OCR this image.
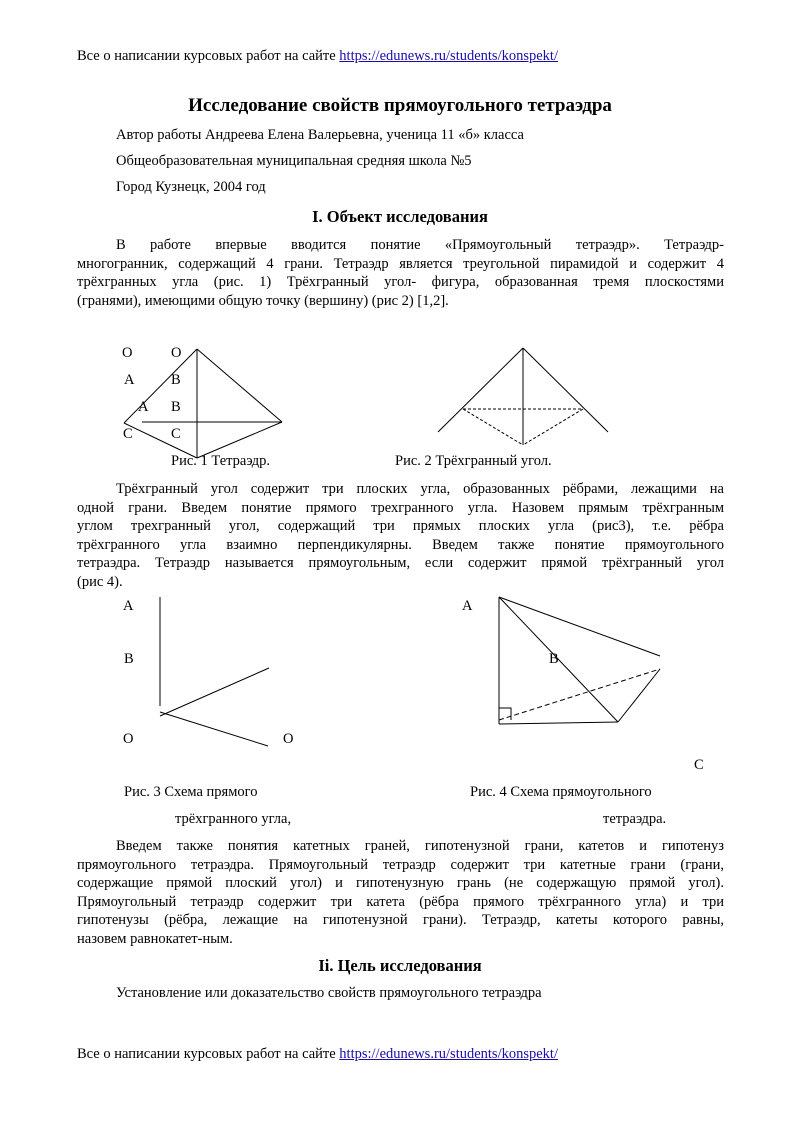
Все о написании курсовых работ на сайте https://edunews.ru/students/konspekt/
Исследование свойств прямоугольного тетраэдра
Автор работы Андреева Елена Валерьевна, ученица 11 «б» класса
Общеобразовательная муниципальная средняя школа №5
Город Кузнецк, 2004 год
I. Объект исследования
В работе впервые вводится понятие «Прямоугольный тетраэдр». Тетраэдр-
многогранник, содержащий 4 грани. Тетраэдр является треугольной пирамидой и содержит 4
трёхгранных угла (рис. 1) Трёхгранный угол- фигура, образованная тремя плоскостями
(гранями), имеющими общую точку (вершину) (рис 2) [1,2].
O	O
A	B
A B
C	C
Рис. 1 Тетраэдр.	Рис. 2 Трёхгранный угол.
Трёхгранный угол содержит три плоских угла, образованных рёбрами, лежащими на
одной грани. Введем понятие прямого трехгранного угла. Назовем прямым трёхгранным
углом трехгранный угол, содержащий три прямых плоских угла (рис3), т.е. рёбра
трёхгранного угла взаимно перпендикулярны. Введем также понятие прямоугольного
тетраэдра. Тетраэдр называется прямоугольным, если содержит прямой трёхгранный угол
(рис 4).
A
B
O	O
A
B
C
Рис. 3 Схема прямого
трёхгранного угла,
Рис. 4 Схема прямоугольного
тетраэдра.
Введем также понятия катетных граней, гипотенузной грани, катетов и гипотенуз
прямоугольного тетраэдра. Прямоугольный тетраэдр содержит три катетные грани (грани,
содержащие прямой плоский угол) и гипотенузную грань (не содержащую прямой угол).
Прямоугольный тетраэдр содержит три катета (рёбра прямого трёхгранного угла) и три
гипотенузы (рёбра, лежащие на гипотенузной грани). Тетраэдр, катеты которого равны,
назовем равнокатет-ным.
Ii. Цель исследования
Установление или доказательство свойств прямоугольного тетраэдра
Все о написании курсовых работ на сайте https://edunews.ru/students/konspekt/
